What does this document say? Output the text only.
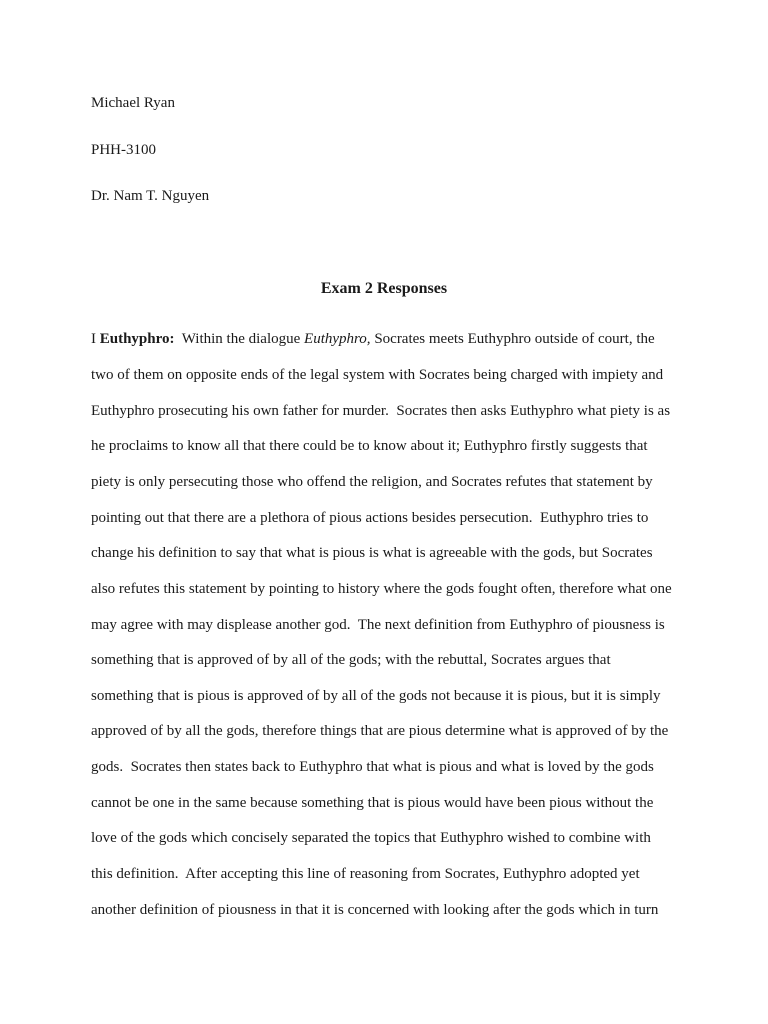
Michael Ryan
PHH-3100
Dr. Nam T. Nguyen
Exam 2 Responses
I Euthyphro:  Within the dialogue Euthyphro, Socrates meets Euthyphro outside of court, the
two of them on opposite ends of the legal system with Socrates being charged with impiety and
Euthyphro prosecuting his own father for murder.  Socrates then asks Euthyphro what piety is as
he proclaims to know all that there could be to know about it; Euthyphro firstly suggests that
piety is only persecuting those who offend the religion, and Socrates refutes that statement by
pointing out that there are a plethora of pious actions besides persecution.  Euthyphro tries to
change his definition to say that what is pious is what is agreeable with the gods, but Socrates
also refutes this statement by pointing to history where the gods fought often, therefore what one
may agree with may displease another god.  The next definition from Euthyphro of piousness is
something that is approved of by all of the gods; with the rebuttal, Socrates argues that
something that is pious is approved of by all of the gods not because it is pious, but it is simply
approved of by all the gods, therefore things that are pious determine what is approved of by the
gods.  Socrates then states back to Euthyphro that what is pious and what is loved by the gods
cannot be one in the same because something that is pious would have been pious without the
love of the gods which concisely separated the topics that Euthyphro wished to combine with
this definition.  After accepting this line of reasoning from Socrates, Euthyphro adopted yet
another definition of piousness in that it is concerned with looking after the gods which in turn
